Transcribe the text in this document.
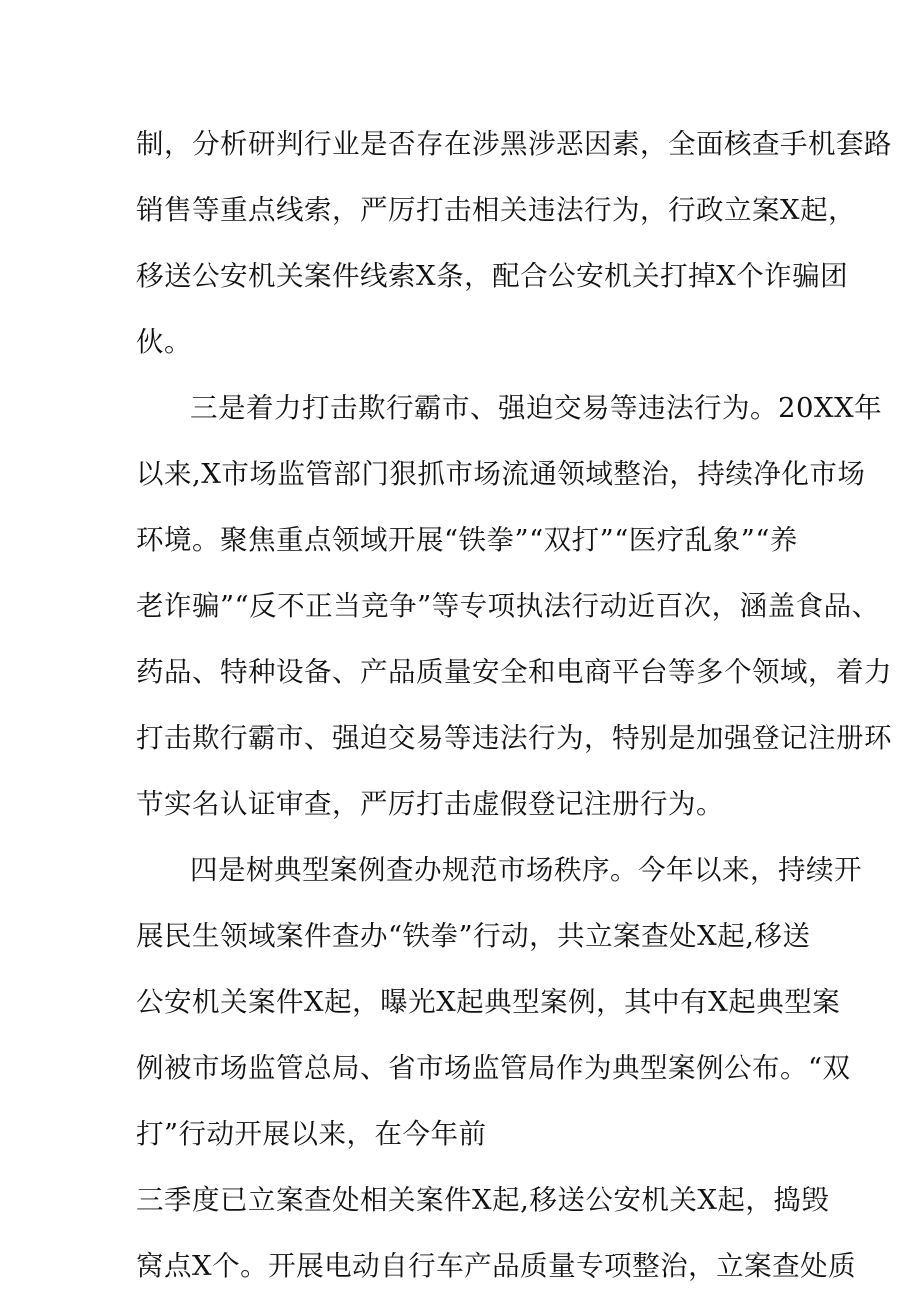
制，分析研判行业是否存在涉黑涉恶因素，全面核查手机套路
销售等重点线索，严厉打击相关违法行为，行政立案X起，
移送公安机关案件线索X条，配合公安机关打掉X个诈骗团
伙。
三是着力打击欺行霸市、强迫交易等违法行为。20XX年
以来,X市场监管部门狠抓市场流通领域整治，持续净化市场
环境。聚焦重点领域开展“铁拳”“双打”“医疗乱象”“养
老诈骗”“反不正当竞争”等专项执法行动近百次，涵盖食品、
药品、特种设备、产品质量安全和电商平台等多个领域，着力
打击欺行霸市、强迫交易等违法行为，特别是加强登记注册环
节实名认证审查，严厉打击虚假登记注册行为。
四是树典型案例查办规范市场秩序。今年以来，持续开
展民生领域案件查办“铁拳”行动，共立案查处X起,移送
公安机关案件X起，曝光X起典型案例，其中有X起典型案
例被市场监管总局、省市场监管局作为典型案例公布。“双
打”行动开展以来，在今年前
三季度已立案查处相关案件X起,移送公安机关X起，捣毁
窝点X个。开展电动自行车产品质量专项整治，立案查处质
